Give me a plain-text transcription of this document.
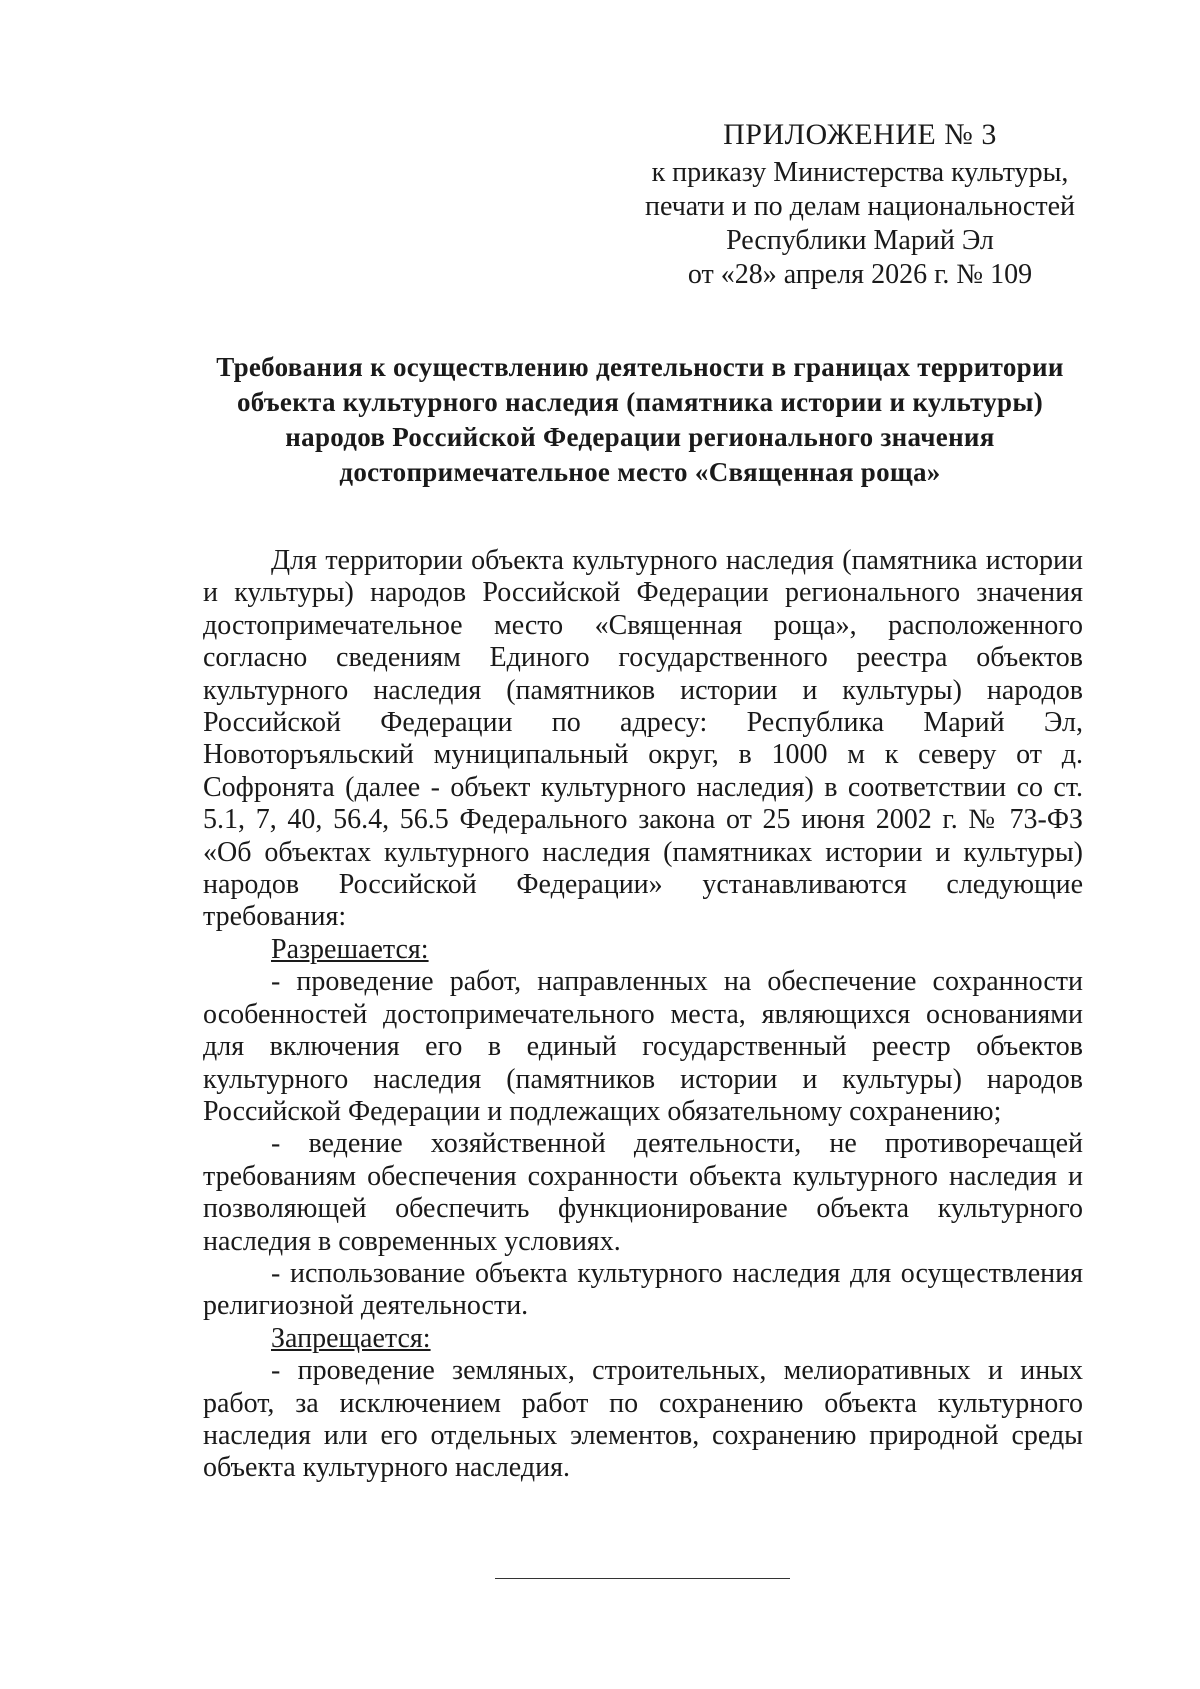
ПРИЛОЖЕНИЕ № 3
к приказу Министерства культуры,
печати и по делам национальностей
Республики Марий Эл
от «28» апреля 2026 г. № 109
Требования к осуществлению деятельности в границах территории
объекта культурного наследия (памятника истории и культуры)
народов Российской Федерации регионального значения
достопримечательное место «Священная роща»

Для территории объекта культурного наследия (памятника истории и культуры) народов Российской Федерации регионального значения достопримечательное место «Священная роща», расположенного согласно сведениям Единого государственного реестра объектов культурного наследия (памятников истории и культуры) народов Российской Федерации по адресу: Республика Марий Эл, Новоторъяльский муниципальный округ, в 1000 м к северу от д. Софронята (далее - объект культурного наследия) в соответствии со ст. 5.1, 7, 40, 56.4, 56.5 Федерального закона от 25 июня 2002 г. № 73-ФЗ «Об объектах культурного наследия (памятниках истории и культуры) народов Российской Федерации» устанавливаются следующие требования:

Разрешается:

- проведение работ, направленных на обеспечение сохранности особенностей достопримечательного места, являющихся основаниями для включения его в единый государственный реестр объектов культурного наследия (памятников истории и культуры) народов Российской Федерации и подлежащих обязательному сохранению;

- ведение хозяйственной деятельности, не противоречащей требованиям обеспечения сохранности объекта культурного наследия и позволяющей обеспечить функционирование объекта культурного наследия в современных условиях.

- использование объекта культурного наследия для осуществления религиозной деятельности.

Запрещается:

- проведение земляных, строительных, мелиоративных и иных работ, за исключением работ по сохранению объекта культурного наследия или его отдельных элементов, сохранению природной среды объекта культурного наследия.
